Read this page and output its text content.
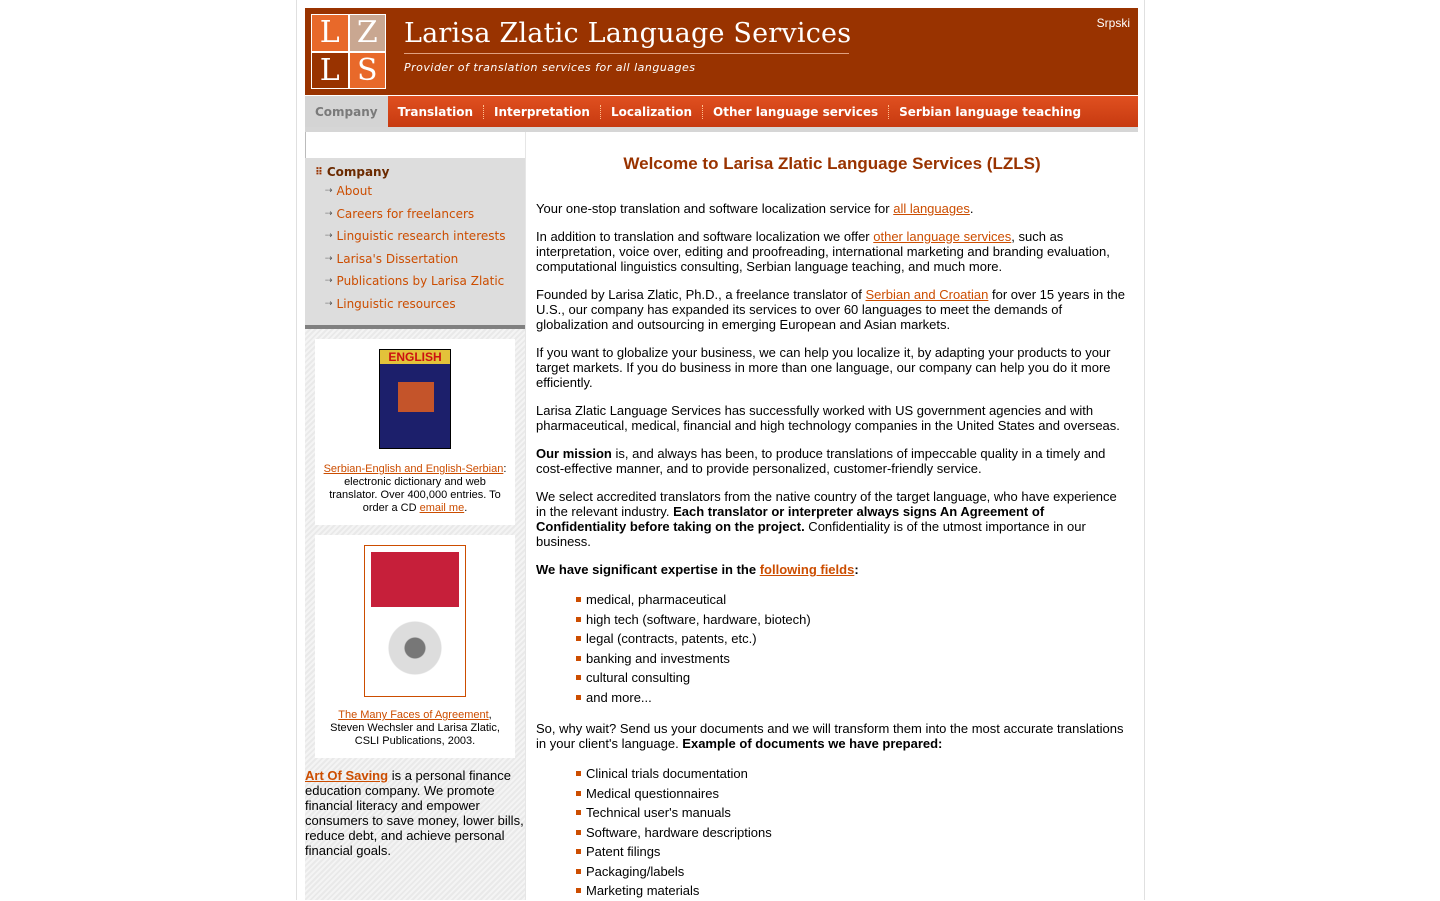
L Z
L S
Larisa Zlatic Language Services
Provider of translation services for all languages
Srpski
Company	Translation	Interpretation	Localization	Other language services	Serbian language teaching
⠿ Company
⇢ About
⇢ Careers for freelancers
⇢ Linguistic research interests
⇢ Larisa's Dissertation
⇢ Publications by Larisa Zlatic
⇢ Linguistic resources
ENGLISH
Serbian-English and English-Serbian: electronic dictionary and web translator. Over 400,000 entries. To order a CD email me.
The Many Faces of Agreement, Steven Wechsler and Larisa Zlatic, CSLI Publications, 2003.
Art Of Saving is a personal finance education company. We promote financial literacy and empower consumers to save money, lower bills, reduce debt, and achieve personal financial goals.
Welcome to Larisa Zlatic Language Services (LZLS)

Your one-stop translation and software localization service for all languages.

In addition to translation and software localization we offer other language services, such as interpretation, voice over, editing and proofreading, international marketing and branding evaluation, computational linguistics consulting, Serbian language teaching, and much more.

Founded by Larisa Zlatic, Ph.D., a freelance translator of Serbian and Croatian for over 15 years in the U.S., our company has expanded its services to over 60 languages to meet the demands of globalization and outsourcing in emerging European and Asian markets.

If you want to globalize your business, we can help you localize it, by adapting your products to your target markets. If you do business in more than one language, our company can help you do it more efficiently.

Larisa Zlatic Language Services has successfully worked with US government agencies and with pharmaceutical, medical, financial and high technology companies in the United States and overseas.

Our mission is, and always has been, to produce translations of impeccable quality in a timely and cost-effective manner, and to provide personalized, customer-friendly service.

We select accredited translators from the native country of the target language, who have experience in the relevant industry. Each translator or interpreter always signs An Agreement of Confidentiality before taking on the project. Confidentiality is of the utmost importance in our business.

We have significant expertise in the following fields:

medical, pharmaceutical
high tech (software, hardware, biotech)
legal (contracts, patents, etc.)
banking and investments
cultural consulting
and more...

So, why wait? Send us your documents and we will transform them into the most accurate translations in your client's language. Example of documents we have prepared:

Clinical trials documentation
Medical questionnaires
Technical user's manuals
Software, hardware descriptions
Patent filings
Packaging/labels
Marketing materials
